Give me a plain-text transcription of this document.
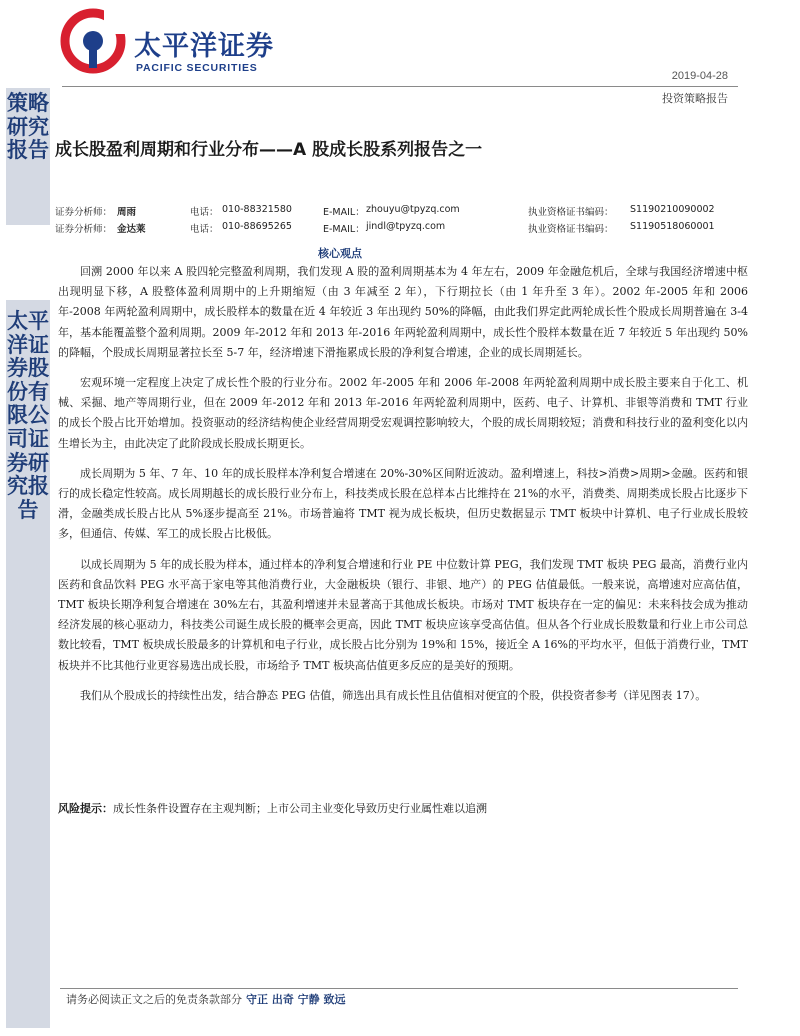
太平洋证券
PACIFIC SECURITIES
2019-04-28
投资策略报告
策略研究报告
太平洋证券股份有限公司证券研究报告
成长股盈利周期和行业分布——A 股成长股系列报告之一
证券分析师： 周雨	电话： 010-88321580	E-MAIL： zhouyu@tpyzq.com	执业资格证书编码： S1190210090002
证券分析师： 金达莱	电话： 010-88695265	E-MAIL： jindl@tpyzq.com	执业资格证书编码： S1190518060001
核心观点

回溯 2000 年以来 A 股四轮完整盈利周期，我们发现 A 股的盈利周期基本为 4 年左右，2009 年金融危机后，全球与我国经济增速中枢出现明显下移，A 股整体盈利周期中的上升期缩短（由 3 年减至 2 年），下行期拉长（由 1 年升至 3 年）。2002 年-2005 年和 2006 年-2008 年两轮盈利周期中，成长股样本的数量在近 4 年较近 3 年出现约 50%的降幅，由此我们界定此两轮成长性个股成长周期普遍在 3-4 年，基本能覆盖整个盈利周期。2009 年-2012 年和 2013 年-2016 年两轮盈利周期中，成长性个股样本数量在近 7 年较近 5 年出现约 50%的降幅，个股成长周期显著拉长至 5-7 年，经济增速下滑拖累成长股的净利复合增速，企业的成长周期延长。

宏观环境一定程度上决定了成长性个股的行业分布。2002 年-2005 年和 2006 年-2008 年两轮盈利周期中成长股主要来自于化工、机械、采掘、地产等周期行业，但在 2009 年-2012 年和 2013 年-2016 年两轮盈利周期中，医药、电子、计算机、非银等消费和 TMT 行业的成长个股占比开始增加。投资驱动的经济结构使企业经营周期受宏观调控影响较大，个股的成长周期较短；消费和科技行业的盈利变化以内生增长为主，由此决定了此阶段成长股成长期更长。

成长周期为 5 年、7 年、10 年的成长股样本净利复合增速在 20%-30%区间附近波动。盈利增速上，科技>消费>周期>金融。医药和银行的成长稳定性较高。成长周期越长的成长股行业分布上，科技类成长股在总样本占比维持在 21%的水平，消费类、周期类成长股占比逐步下滑，金融类成长股占比从 5%逐步提高至 21%。市场普遍将 TMT 视为成长板块，但历史数据显示 TMT 板块中计算机、电子行业成长股较多，但通信、传媒、军工的成长股占比极低。

以成长周期为 5 年的成长股为样本，通过样本的净利复合增速和行业 PE 中位数计算 PEG，我们发现 TMT 板块 PEG 最高，消费行业内医药和食品饮料 PEG 水平高于家电等其他消费行业，大金融板块（银行、非银、地产）的 PEG 估值最低。一般来说，高增速对应高估值，TMT 板块长期净利复合增速在 30%左右，其盈利增速并未显著高于其他成长板块。市场对 TMT 板块存在一定的偏见：未来科技会成为推动经济发展的核心驱动力，科技类公司诞生成长股的概率会更高，因此 TMT 板块应该享受高估值。但从各个行业成长股数量和行业上市公司总数比较看，TMT 板块成长股最多的计算机和电子行业，成长股占比分别为 19%和 15%，接近全 A 16%的平均水平，但低于消费行业，TMT 板块并不比其他行业更容易选出成长股，市场给予 TMT 板块高估值更多反应的是美好的预期。

我们从个股成长的持续性出发，结合静态 PEG 估值，筛选出具有成长性且估值相对便宜的个股，供投资者参考（详见图表 17）。

风险提示：成长性条件设置存在主观判断；上市公司主业变化导致历史行业属性难以追溯
请务必阅读正文之后的免责条款部分 守正 出奇 宁静 致远
